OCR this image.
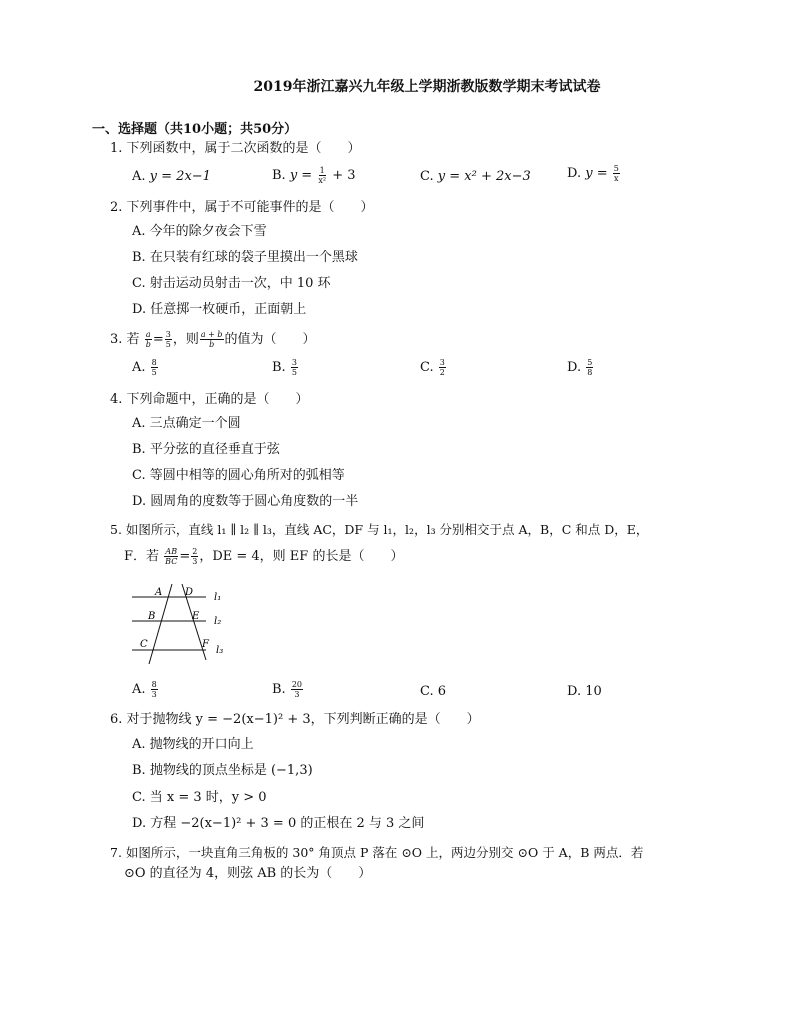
2019年浙江嘉兴九年级上学期浙教版数学期末考试试卷
一、选择题（共10小题；共50分）
1. 下列函数中，属于二次函数的是（　　）
A. y = 2x−1	B. $y = \frac{1}{\text{x²}} + 3$	C. y = x² + 2x−3	D. $y = \frac{5}{x}$
2. 下列事件中，属于不可能事件的是（　　）
A. 今年的除夕夜会下雪
B. 在只装有红球的袋子里摸出一个黑球
C. 射击运动员射击一次，中 10 环
D. 任意掷一枚硬币，正面朝上
3. 若 $\frac{a}{b} = \frac{3}{5}$ ，则 $\frac{a + b}{b}$ 的值为（　　）
A. $\frac{8}{5}$	B. $\frac{3}{5}$	C. $\frac{3}{2}$	D. $\frac{5}{8}$
4. 下列命题中，正确的是（　　）
A. 三点确定一个圆
B. 平分弦的直径垂直于弦
C. 等圆中相等的圆心角所对的弧相等
D. 圆周角的度数等于圆心角度数的一半
5. 如图所示，直线 l₁ ∥ l₂ ∥ l₃，直线 AC，DF 与 l₁，l₂，l₃ 分别相交于点 A，B，C 和点 D，E，
F．若 $\frac{AB}{BC} = \frac{2}{3}$ ，DE = 4，则 EF 的长是（　　）
A D
B	E
C	F
l₁
l₂
l₃
A. $\frac{8}{3}$	B. $\frac{20}{3}$	C. 6	D. 10
6. 对于抛物线 y = −2(x−1)² + 3，下列判断正确的是（　　）
A. 抛物线的开口向上
B. 抛物线的顶点坐标是 (−1,3)
C. 当 x = 3 时，y > 0
D. 方程 −2(x−1)² + 3 = 0 的正根在 2 与 3 之间
7. 如图所示，一块直角三角板的 30° 角顶点 P 落在 ⊙O 上，两边分别交 ⊙O 于 A，B 两点．若
⊙O 的直径为 4，则弦 AB 的长为（　　）
